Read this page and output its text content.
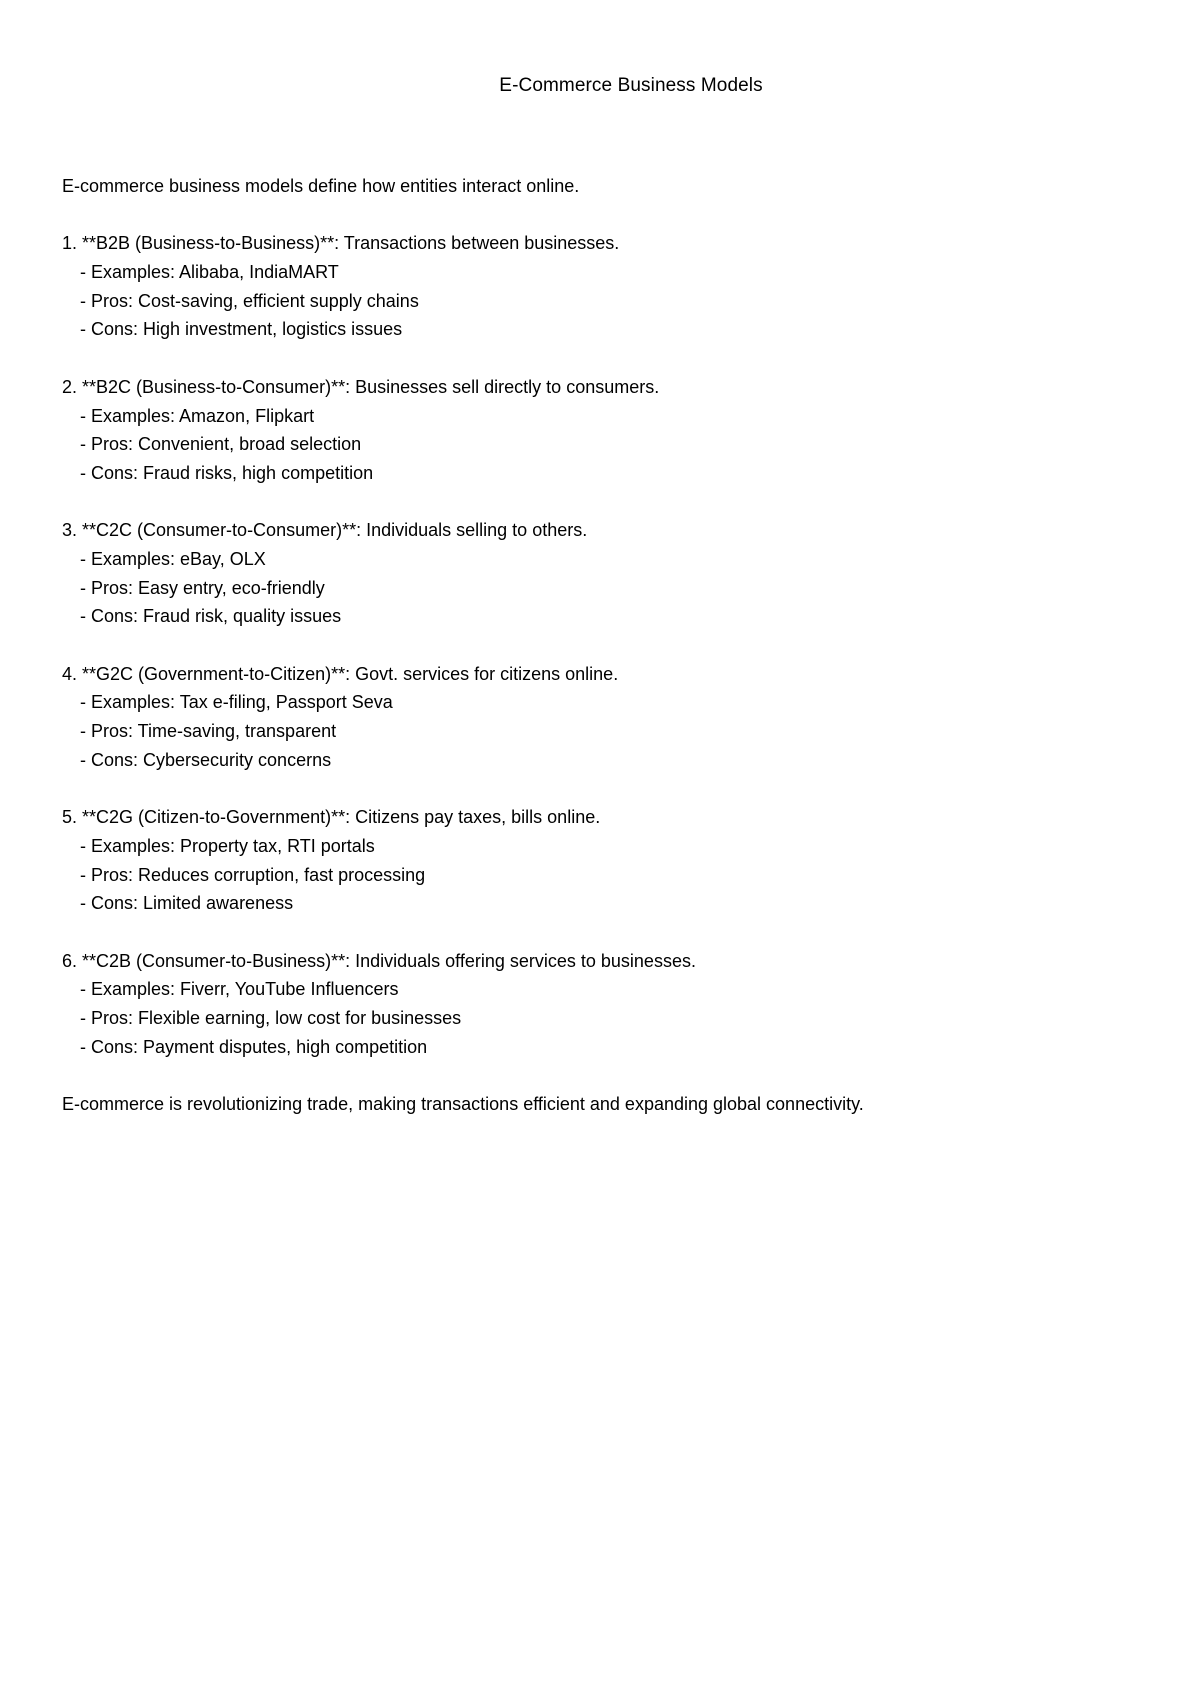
E-Commerce Business Models
E-commerce business models define how entities interact online.
1. **B2B (Business-to-Business)**: Transactions between businesses.
- Examples: Alibaba, IndiaMART
- Pros: Cost-saving, efficient supply chains
- Cons: High investment, logistics issues
2. **B2C (Business-to-Consumer)**: Businesses sell directly to consumers.
- Examples: Amazon, Flipkart
- Pros: Convenient, broad selection
- Cons: Fraud risks, high competition
3. **C2C (Consumer-to-Consumer)**: Individuals selling to others.
- Examples: eBay, OLX
- Pros: Easy entry, eco-friendly
- Cons: Fraud risk, quality issues
4. **G2C (Government-to-Citizen)**: Govt. services for citizens online.
- Examples: Tax e-filing, Passport Seva
- Pros: Time-saving, transparent
- Cons: Cybersecurity concerns
5. **C2G (Citizen-to-Government)**: Citizens pay taxes, bills online.
- Examples: Property tax, RTI portals
- Pros: Reduces corruption, fast processing
- Cons: Limited awareness
6. **C2B (Consumer-to-Business)**: Individuals offering services to businesses.
- Examples: Fiverr, YouTube Influencers
- Pros: Flexible earning, low cost for businesses
- Cons: Payment disputes, high competition
E-commerce is revolutionizing trade, making transactions efficient and expanding global connectivity.
